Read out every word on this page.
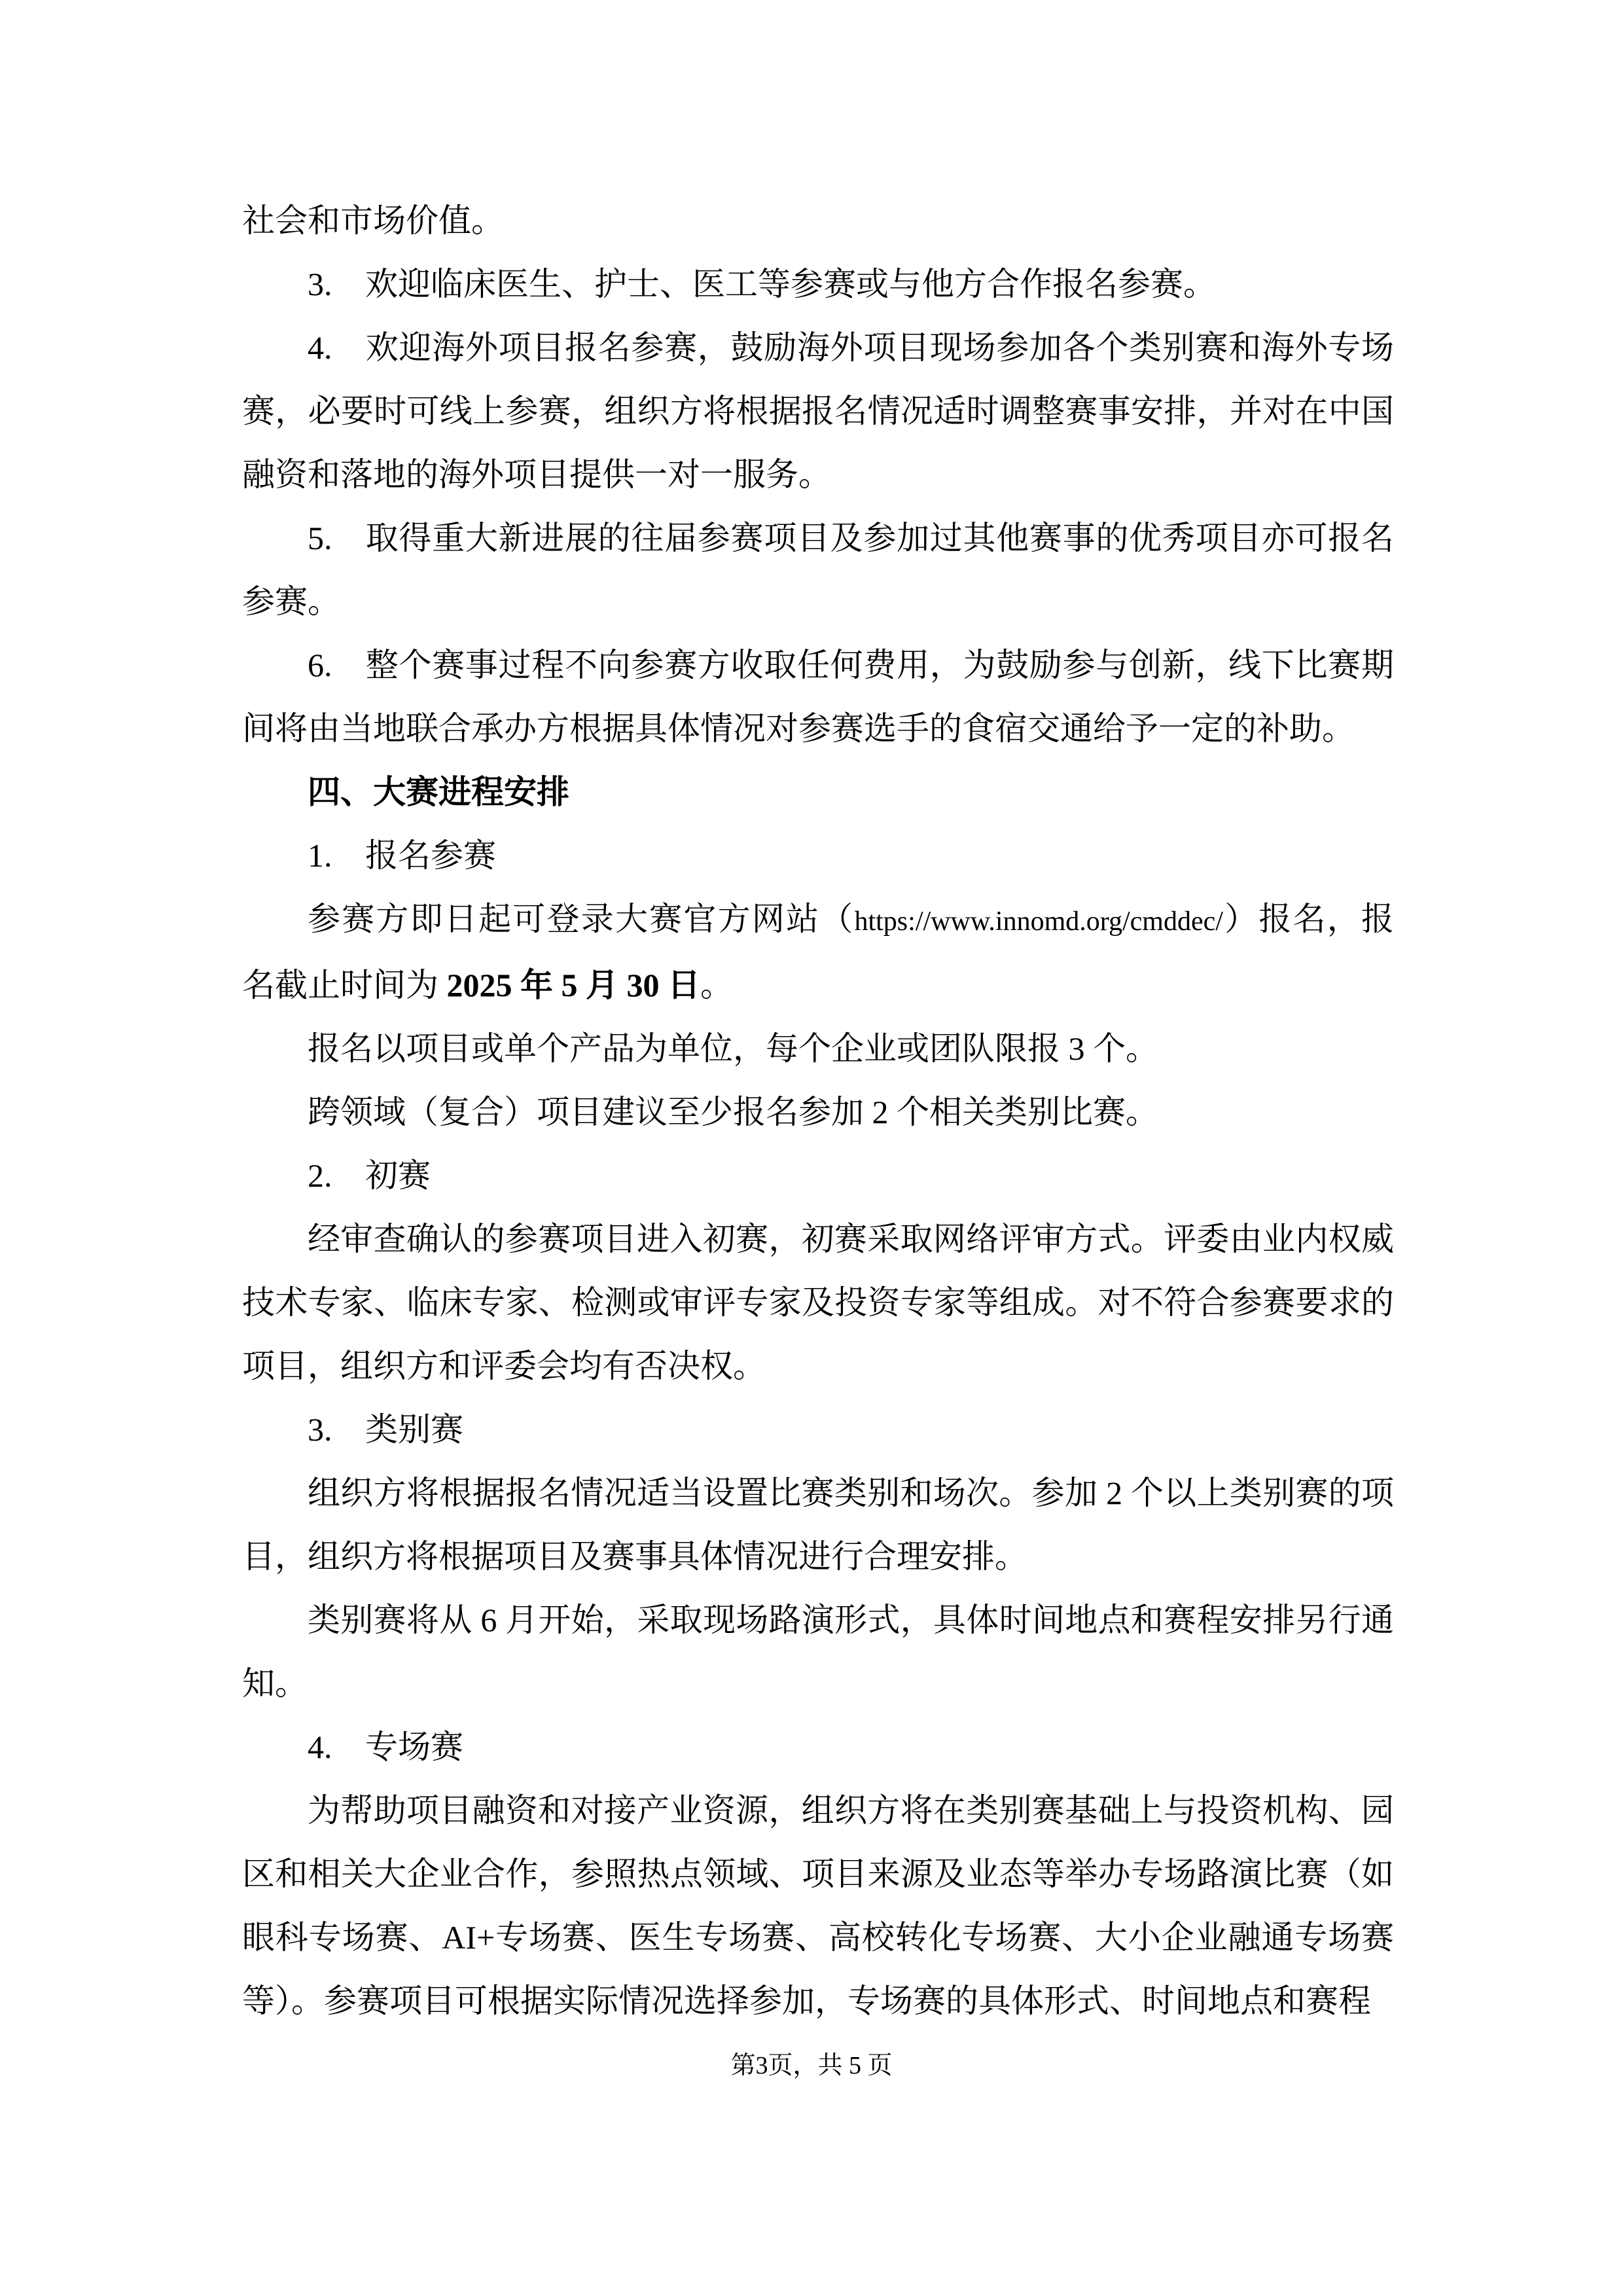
社会和市场价值。

3. 欢迎临床医生、护士、医工等参赛或与他方合作报名参赛。

4. 欢迎海外项目报名参赛，鼓励海外项目现场参加各个类别赛和海外专场赛，必要时可线上参赛，组织方将根据报名情况适时调整赛事安排，并对在中国融资和落地的海外项目提供一对一服务。

5. 取得重大新进展的往届参赛项目及参加过其他赛事的优秀项目亦可报名参赛。

6. 整个赛事过程不向参赛方收取任何费用，为鼓励参与创新，线下比赛期间将由当地联合承办方根据具体情况对参赛选手的食宿交通给予一定的补助。

四、大赛进程安排

1. 报名参赛

参赛方即日起可登录大赛官方网站（https://www.innomd.org/cmddec/）报名，报名截止时间为 2025 年 5 月 30 日。

报名以项目或单个产品为单位，每个企业或团队限报 3 个。

跨领域（复合）项目建议至少报名参加 2 个相关类别比赛。

2. 初赛

经审查确认的参赛项目进入初赛，初赛采取网络评审方式。评委由业内权威技术专家、临床专家、检测或审评专家及投资专家等组成。对不符合参赛要求的项目，组织方和评委会均有否决权。

3. 类别赛

组织方将根据报名情况适当设置比赛类别和场次。参加 2 个以上类别赛的项目，组织方将根据项目及赛事具体情况进行合理安排。

类别赛将从 6 月开始，采取现场路演形式，具体时间地点和赛程安排另行通知。

4. 专场赛

为帮助项目融资和对接产业资源，组织方将在类别赛基础上与投资机构、园区和相关大企业合作，参照热点领域、项目来源及业态等举办专场路演比赛（如眼科专场赛、AI+专场赛、医生专场赛、高校转化专场赛、大小企业融通专场赛等）。参赛项目可根据实际情况选择参加，专场赛的具体形式、时间地点和赛程

第3页，共 5 页
